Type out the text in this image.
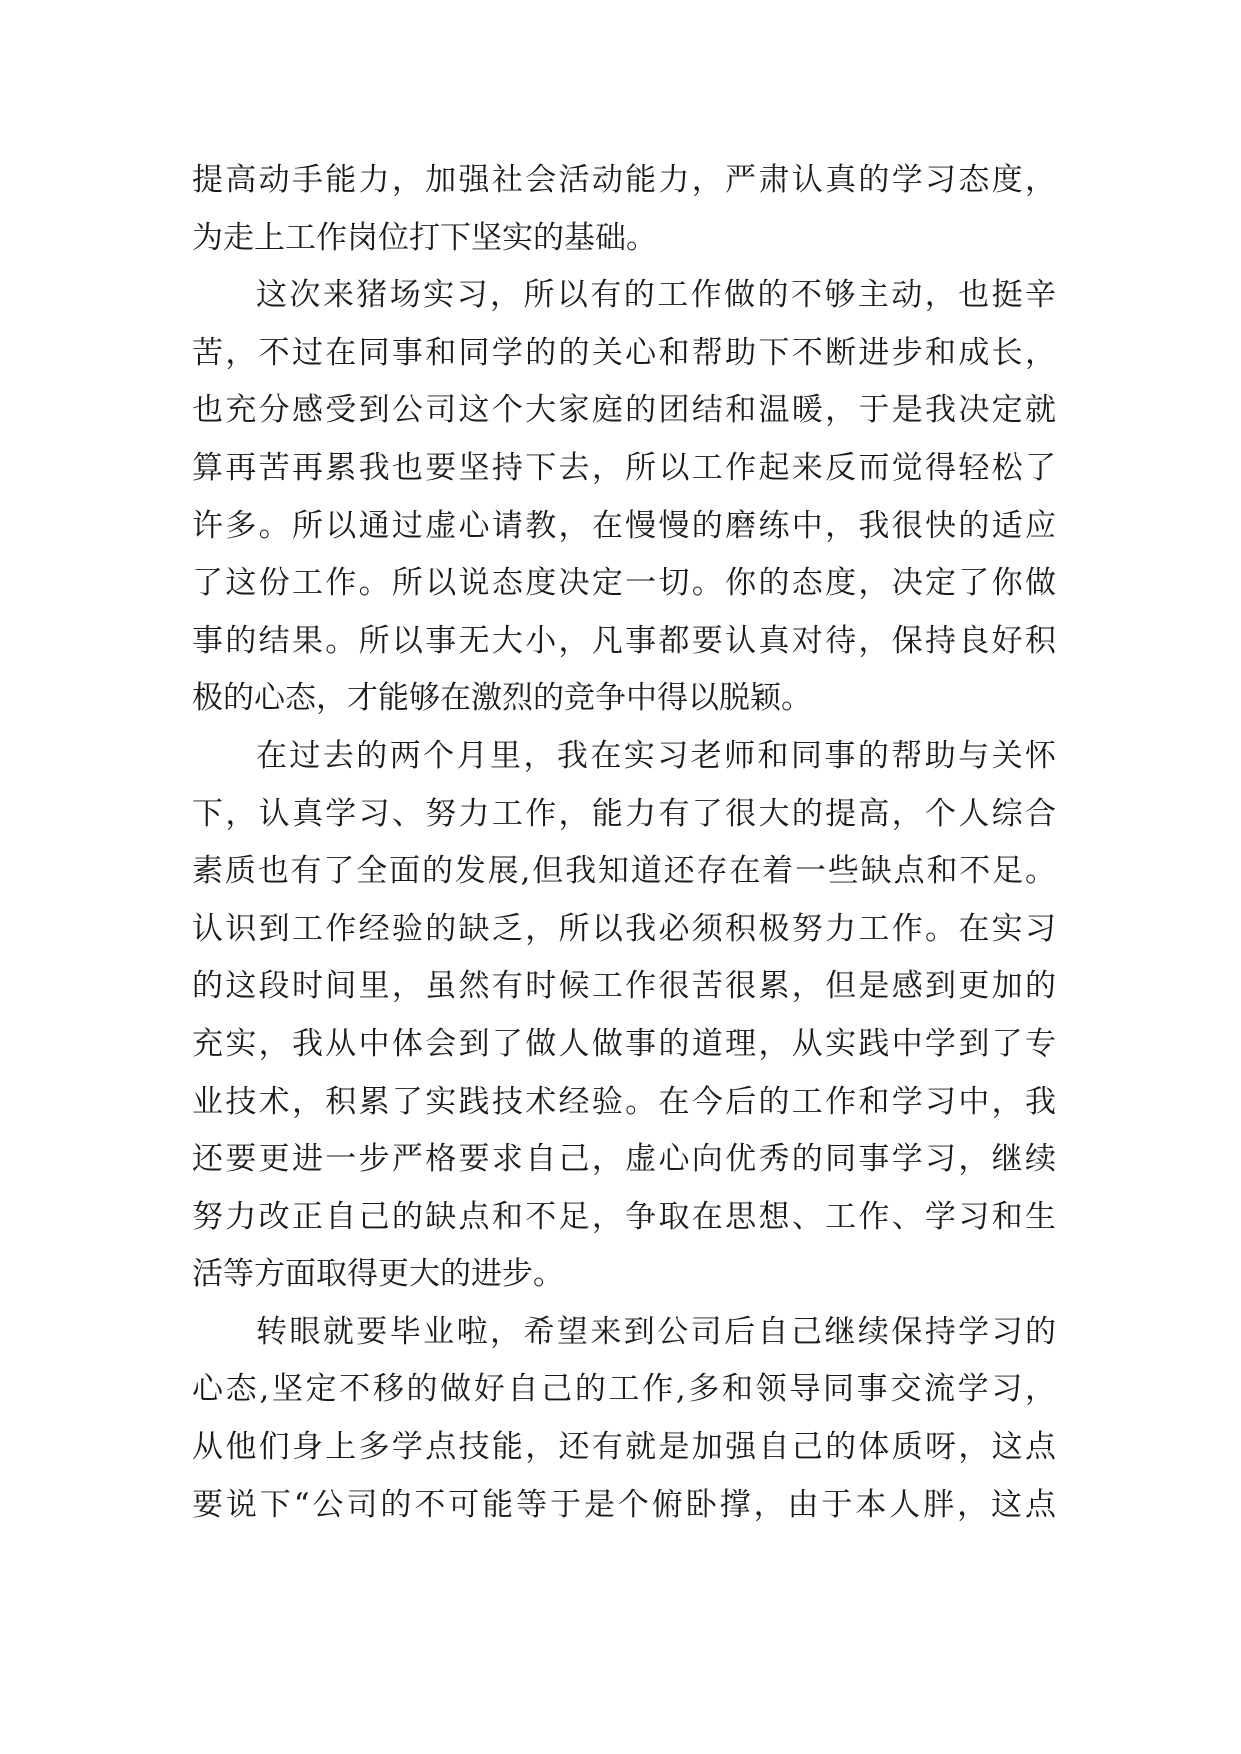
提高动手能力，加强社会活动能力，严肃认真的学习态度，
为走上工作岗位打下坚实的基础。
这次来猪场实习，所以有的工作做的不够主动，也挺辛
苦，不过在同事和同学的的关心和帮助下不断进步和成长，
也充分感受到公司这个大家庭的团结和温暖，于是我决定就
算再苦再累我也要坚持下去，所以工作起来反而觉得轻松了
许多。所以通过虚心请教，在慢慢的磨练中，我很快的适应
了这份工作。所以说态度决定一切。你的态度，决定了你做
事的结果。所以事无大小，凡事都要认真对待，保持良好积
极的心态，才能够在激烈的竞争中得以脱颖。
在过去的两个月里，我在实习老师和同事的帮助与关怀
下，认真学习、努力工作，能力有了很大的提高，个人综合
素质也有了全面的发展,但我知道还存在着一些缺点和不足。
认识到工作经验的缺乏，所以我必须积极努力工作。在实习
的这段时间里，虽然有时候工作很苦很累，但是感到更加的
充实，我从中体会到了做人做事的道理，从实践中学到了专
业技术，积累了实践技术经验。在今后的工作和学习中，我
还要更进一步严格要求自己，虚心向优秀的同事学习，继续
努力改正自己的缺点和不足，争取在思想、工作、学习和生
活等方面取得更大的进步。
转眼就要毕业啦，希望来到公司后自己继续保持学习的
心态,坚定不移的做好自己的工作,多和领导同事交流学习，
从他们身上多学点技能，还有就是加强自己的体质呀，这点
要说下“公司的不可能等于是个俯卧撑，由于本人胖，这点
